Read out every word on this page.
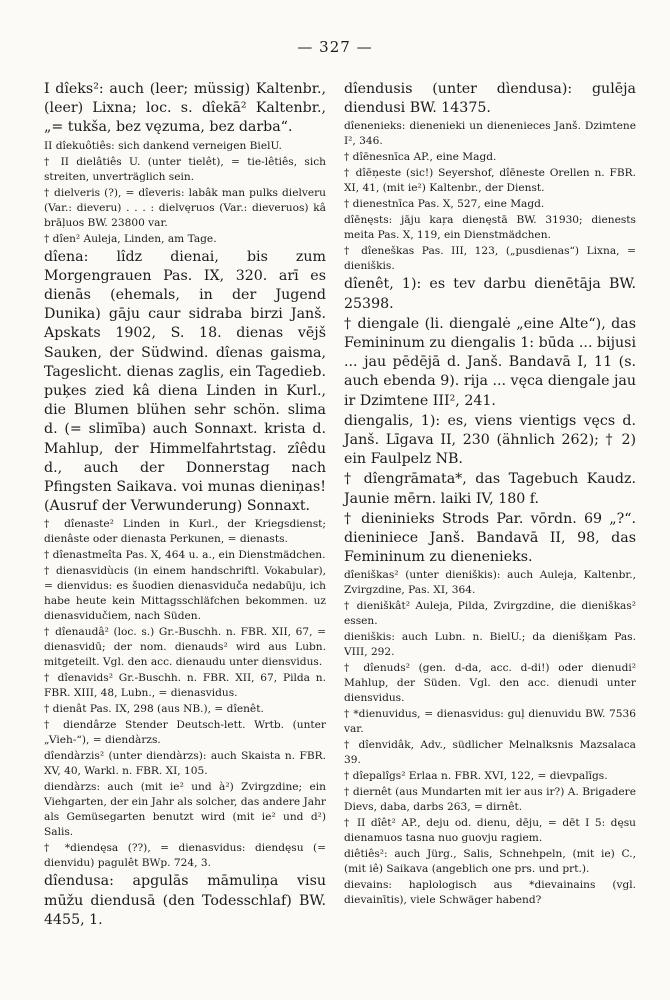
— 327 —

I dîeks²: auch (leer; müssig) Kaltenbr., (leer) Lixna; loc. s. dîekā² Kaltenbr., „= tukša, bez vęzuma, bez darba“.

II dîekuôtiês: sich dankend verneigen BielU.

† II dielâtiês U. (unter tielêt), = tie-lêtiês, sich streiten, unverträglich sein.

† dielveris (?), = dîeveris: labâk man pulks dielveru (Var.: dieveru) . . . : dielvęruos (Var.: dieveruos) kâ brāļuos BW. 23800 var.

† dîen² Auleja, Linden, am Tage.

dîena: lîdz dienai, bis zum Morgengrauen Pas. IX, 320. arī es dienās (ehemals, in der Jugend Dunika) gāju caur sidraba birzi Janš. Apskats 1902, S. 18. dienas vējš Sauken, der Südwind. dîenas gaisma, Tageslicht. dienas zaglis, ein Tagedieb. puķes zied kâ diena Linden in Kurl., die Blumen blühen sehr schön. slima d. (= slimība) auch Sonnaxt. krista d. Mahlup, der Himmelfahrtstag. zîêdu d., auch der Donnerstag nach Pfingsten Saikava. voi munas dieniņas! (Ausruf der Verwunderung) Sonnaxt.

† dîenaste² Linden in Kurl., der Kriegsdienst; dienâste oder dienasta Perkunen, = dienasts.

† dîenastmeîta Pas. X, 464 u. a., ein Dienstmädchen.

† dienasvidùcis (in einem handschriftl. Vokabular), = dienvidus: es šuodien dienasviduča nedabūju, ich habe heute kein Mittagsschläfchen bekommen. uz dienasvidučiem, nach Süden.

† dîenaudâ² (loc. s.) Gr.-Buschh. n. FBR. XII, 67, = dienasvidū; der nom. dienauds² wird aus Lubn. mitgeteilt. Vgl. den acc. dienaudu unter diensvidus.

† dîenavids² Gr.-Buschh. n. FBR. XII, 67, Pilda n. FBR. XIII, 48, Lubn., = dienasvidus.

† dienât Pas. IX, 298 (aus NB.), = dîenêt.

† diendârze Stender Deutsch-lett. Wrtb. (unter „Vieh-“), = diendàrzs.

dîendàrzis² (unter diendàrzs): auch Skaista n. FBR. XV, 40, Warkl. n. FBR. XI, 105.

diendàrzs: auch (mit ie² und à²) Zvirgzdine; ein Viehgarten, der ein Jahr als solcher, das andere Jahr als Gemüsegarten benutzt wird (mit ie² und d²) Salis.

† *diendęsa (??), = dienasvidus: diendęsu (= dienvidu) pagulêt BWp. 724, 3.

dîendusa: apgulās māmuliņa visu mūžu diendusā (den Todesschlaf) BW. 4455, 1.

dîendusis (unter dìendusa): gulēja diendusi BW. 14375.

dîenenieks: dienenieki un dienenieces Janš. Dzimtene I², 346.

† dîēnesnīca AP., eine Magd.

† dîēņeste (sic!) Seyershof, dîēneste Orellen n. FBR. XI, 41, (mit ie²) Kaltenbr., der Dienst.

† dienestnīca Pas. X, 527, eine Magd.

dîēnęsts: jāju kaŗa dienęstā BW. 31930; dienests meita Pas. X, 119, ein Dienstmädchen.

† dîeneškas Pas. III, 123, („pusdienas“) Lixna, = dieniškis.

dîenêt, 1): es tev darbu dienētāja BW. 25398.

† diengale (li. diengalė „eine Alte“), das Femininum zu diengalis 1: būda ... bijusi ... jau pēdējā d. Janš. Bandavā I, 11 (s. auch ebenda 9). rija ... vęca diengale jau ir Dzimtene III², 241.

diengalis, 1): es, viens vientigs vęcs d. Janš. Līgava II, 230 (ähnlich 262); † 2) ein Faulpelz NB.

† dîengrāmata*, das Tagebuch Kaudz. Jaunie mērn. laiki IV, 180 f.

† dieninieks Strods Par. vōrdn. 69 „?“. dieniniece Janš. Bandavā II, 98, das Femininum zu dienenieks.

dîeniškas² (unter dieniškis): auch Auleja, Kaltenbr., Zvirgzdine, Pas. XI, 364.

† dieniškât² Auleja, Pilda, Zvirgzdine, die dieniškas² essen.

dieniškis: auch Lubn. n. BielU.; da dienišķam Pas. VIII, 292.

† dîenuds² (gen. d-da, acc. d-di!) oder dienudi² Mahlup, der Süden. Vgl. den acc. dienudi unter diensvidus.

† *dienuvidus, = dienasvidus: guļ dienuvidu BW. 7536 var.

† dîenvidâk, Adv., südlicher Melnalksnis Mazsalaca 39.

† dîepalîgs² Erlaa n. FBR. XVI, 122, = dievpalīgs.

† diernêt (aus Mundarten mit ier aus ir?) A. Brigadere Dievs, daba, darbs 263, = dirnêt.

† II dîêt² AP., deju od. dienu, dēju, = dēt I 5: dęsu dienamuos tasna nuo guovju ragiem.

diêtiês²: auch Jürg., Salis, Schnehpeln, (mit ie) C., (mit iê) Saikava (angeblich one prs. und prt.).

dievains: haplologisch aus *dievainains (vgl. dievainītis), viele Schwäger habend?
